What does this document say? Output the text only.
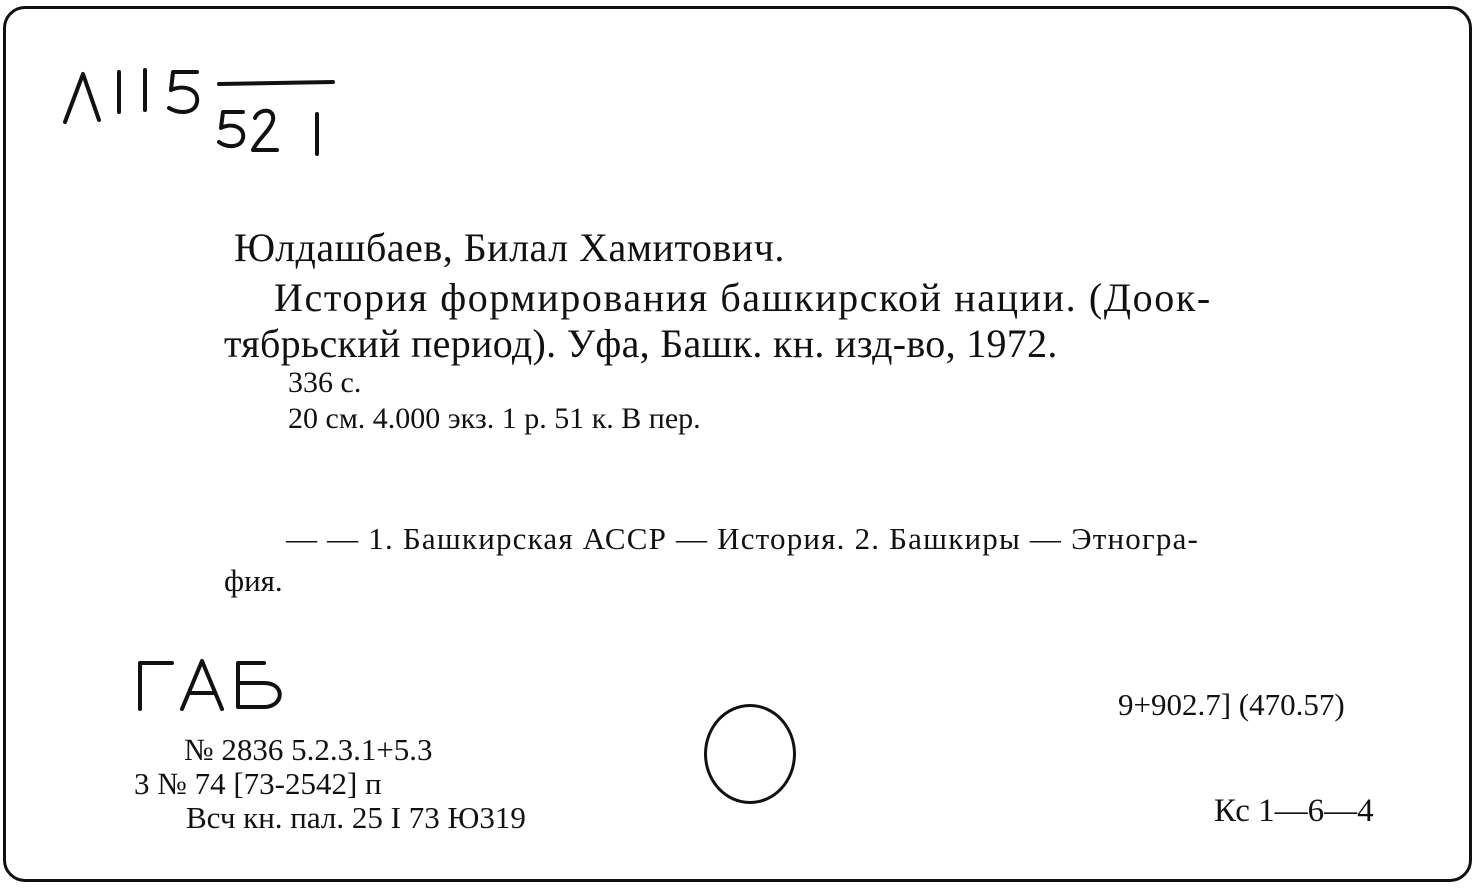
Юлдашбаев, Билал Хамитович.
История формирования башкирской нации. (Доок-
тябрьский период). Уфа, Башк. кн. изд-во, 1972.
336 с.
20 см. 4.000 экз. 1 р. 51 к. В пер.
— — 1. Башкирская АССР — История. 2. Башкиры — Этногра-
фия.
№ 2836 5.2.3.1+5.3
3 № 74 [73-2542] п
Всч кн. пал. 25 I 73 Ю319
9+902.7] (470.57)
Кс 1—6—4
